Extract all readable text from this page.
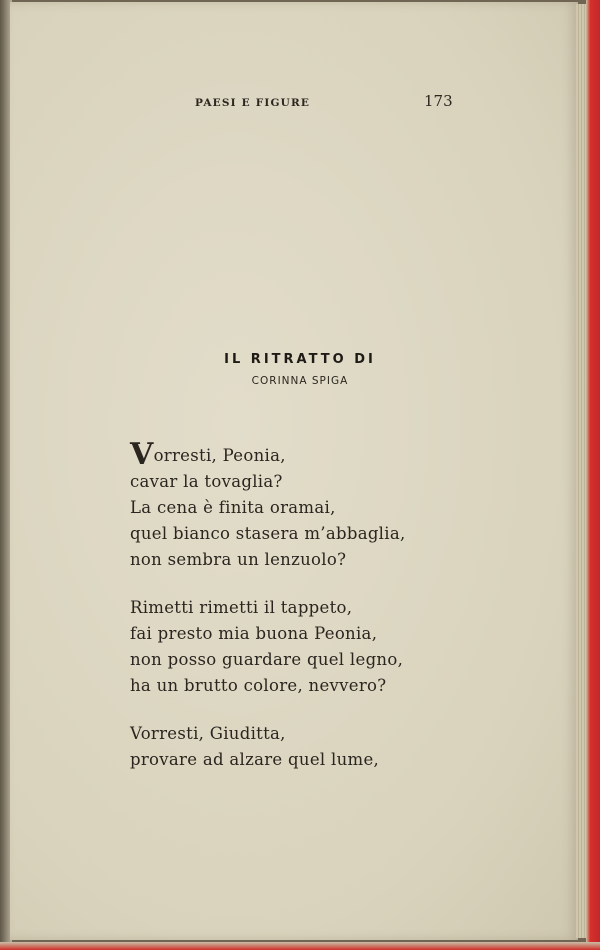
PAESI E FIGURE	173
IL RITRATTO DI
CORINNA SPIGA
Vorresti, Peonia,
cavar la tovaglia?
La cena è finita oramai,
quel bianco stasera m’abbaglia,
non sembra un lenzuolo?
Rimetti rimetti il tappeto,
fai presto mia buona Peonia,
non posso guardare quel legno,
ha un brutto colore, nevvero?
Vorresti, Giuditta,
provare ad alzare quel lume,
